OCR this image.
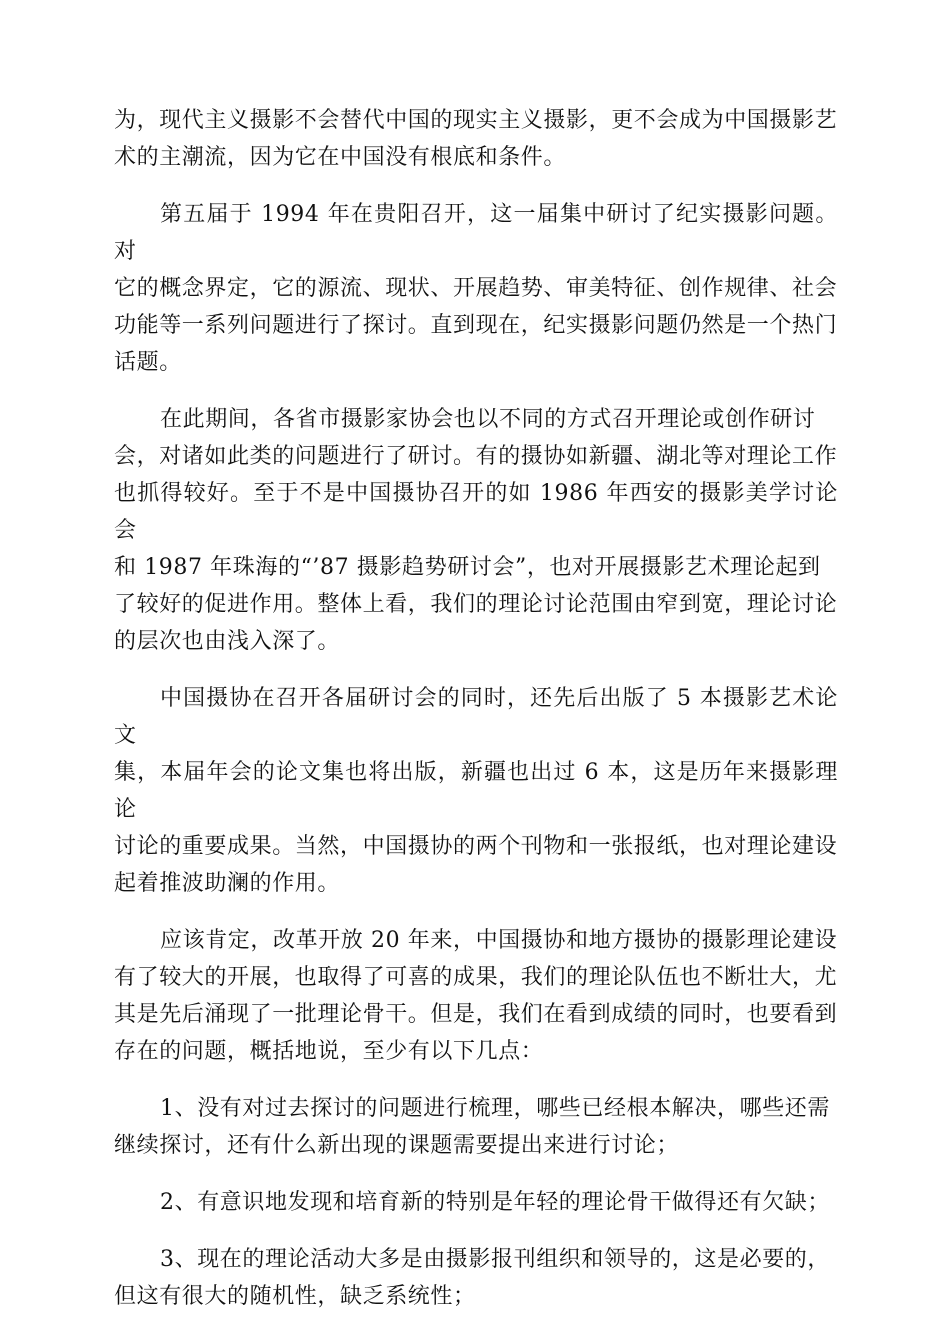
为，现代主义摄影不会替代中国的现实主义摄影，更不会成为中国摄影艺
术的主潮流，因为它在中国没有根底和条件。

第五届于 1994 年在贵阳召开，这一届集中研讨了纪实摄影问题。对
它的概念界定，它的源流、现状、开展趋势、审美特征、创作规律、社会
功能等一系列问题进行了探讨。直到现在，纪实摄影问题仍然是一个热门
话题。

在此期间，各省市摄影家协会也以不同的方式召开理论或创作研讨
会，对诸如此类的问题进行了研讨。有的摄协如新疆、湖北等对理论工作
也抓得较好。至于不是中国摄协召开的如 1986 年西安的摄影美学讨论会
和 1987 年珠海的“’87 摄影趋势研讨会”，也对开展摄影艺术理论起到
了较好的促进作用。整体上看，我们的理论讨论范围由窄到宽，理论讨论
的层次也由浅入深了。

中国摄协在召开各届研讨会的同时，还先后出版了 5 本摄影艺术论文
集，本届年会的论文集也将出版，新疆也出过 6 本，这是历年来摄影理论
讨论的重要成果。当然，中国摄协的两个刊物和一张报纸，也对理论建设
起着推波助澜的作用。

应该肯定，改革开放 20 年来，中国摄协和地方摄协的摄影理论建设
有了较大的开展，也取得了可喜的成果，我们的理论队伍也不断壮大，尤
其是先后涌现了一批理论骨干。但是，我们在看到成绩的同时，也要看到
存在的问题，概括地说，至少有以下几点：

1、没有对过去探讨的问题进行梳理，哪些已经根本解决，哪些还需
继续探讨，还有什么新出现的课题需要提出来进行讨论；

2、有意识地发现和培育新的特别是年轻的理论骨干做得还有欠缺；

3、现在的理论活动大多是由摄影报刊组织和领导的，这是必要的，
但这有很大的随机性，缺乏系统性；
